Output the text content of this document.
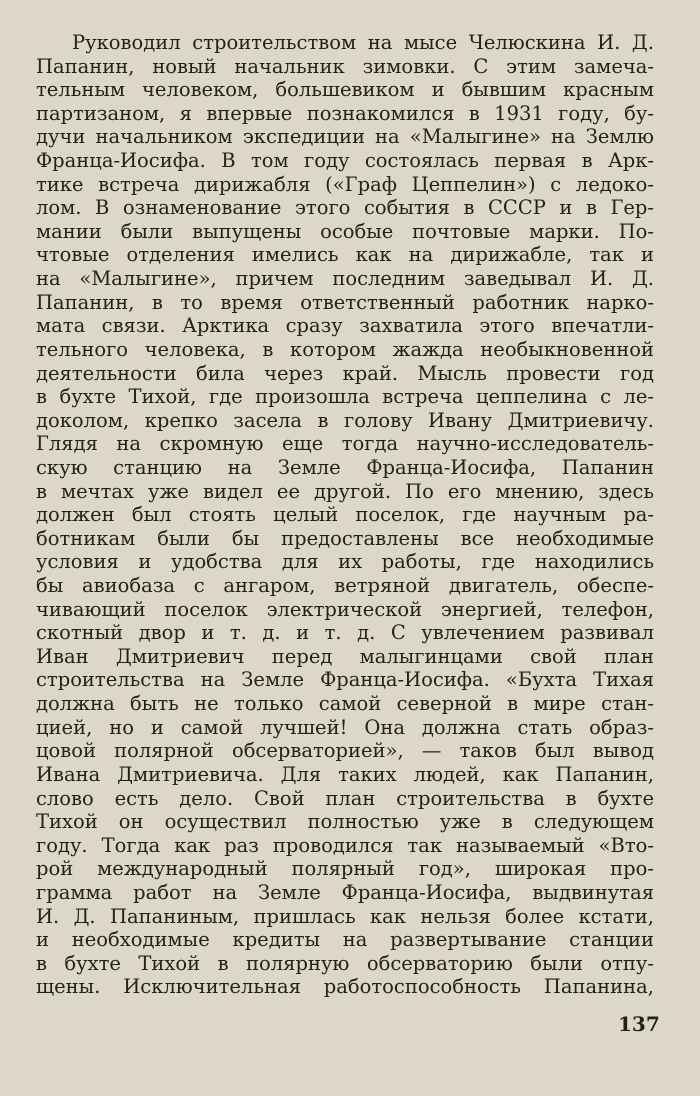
Руководил строительством на мысе Челюскина И. Д.
Папанин, новый начальник зимовки. С этим замеча-
тельным человеком, большевиком и бывшим красным
партизаном, я впервые познакомился в 1931 году, бу-
дучи начальником экспедиции на «Малыгине» на Землю
Франца-Иосифа. В том году состоялась первая в Арк-
тике встреча дирижабля («Граф Цеппелин») с ледоко-
лом. В ознаменование этого события в СССР и в Гер-
мании были выпущены особые почтовые марки. По-
чтовые отделения имелись как на дирижабле, так и
на «Малыгине», причем последним заведывал И. Д.
Папанин, в то время ответственный работник нарко-
мата связи. Арктика сразу захватила этого впечатли-
тельного человека, в котором жажда необыкновенной
деятельности била через край. Мысль провести год
в бухте Тихой, где произошла встреча цеппелина с ле-
доколом, крепко засела в голову Ивану Дмитриевичу.
Глядя на скромную еще тогда научно-исследователь-
скую станцию на Земле Франца-Иосифа, Папанин
в мечтах уже видел ее другой. По его мнению, здесь
должен был стоять целый поселок, где научным ра-
ботникам были бы предоставлены все необходимые
условия и удобства для их работы, где находились
бы авиобаза с ангаром, ветряной двигатель, обеспе-
чивающий поселок электрической энергией, телефон,
скотный двор и т. д. и т. д. С увлечением развивал
Иван Дмитриевич перед малыгинцами свой план
строительства на Земле Франца-Иосифа. «Бухта Тихая
должна быть не только самой северной в мире стан-
цией, но и самой лучшей! Она должна стать образ-
цовой полярной обсерваторией», — таков был вывод
Ивана Дмитриевича. Для таких людей, как Папанин,
слово есть дело. Свой план строительства в бухте
Тихой он осуществил полностью уже в следующем
году. Тогда как раз проводился так называемый «Вто-
рой международный полярный год», широкая про-
грамма работ на Земле Франца-Иосифа, выдвинутая
И. Д. Папаниным, пришлась как нельзя более кстати,
и необходимые кредиты на развертывание станции
в бухте Тихой в полярную обсерваторию были отпу-
щены. Исключительная работоспособность Папанина,
137
